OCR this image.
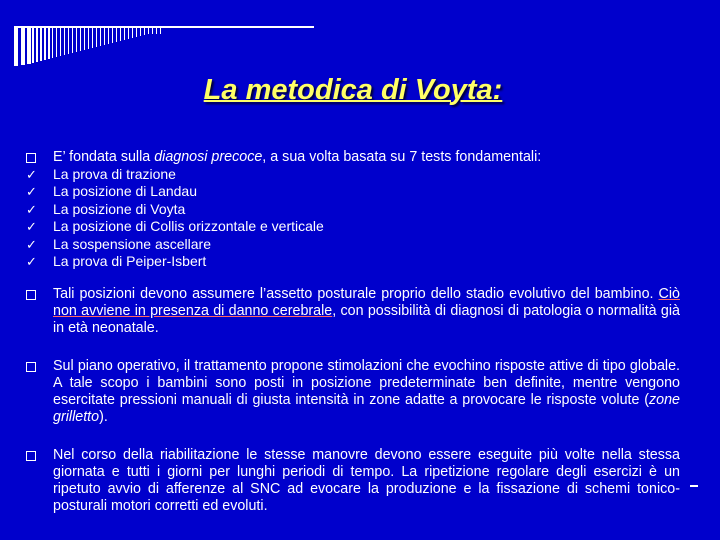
La metodica di Voyta:
E’ fondata sulla diagnosi precoce, a sua volta basata su 7 tests fondamentali:
✓	La prova di trazione
✓	La posizione di Landau
✓	La posizione di Voyta
✓	La posizione di Collis orizzontale e verticale
✓	La sospensione ascellare
✓	La prova di Peiper-Isbert
Tali posizioni devono assumere l’assetto posturale proprio dello stadio evolutivo del bambino. Ciò non avviene in presenza di danno cerebrale, con possibilità di diagnosi di patologia o normalità già in età neonatale.
Sul piano operativo, il trattamento propone stimolazioni che evochino risposte attive di tipo globale. A tale scopo i bambini sono posti in posizione predeterminate ben definite, mentre vengono esercitate pressioni manuali di giusta intensità in zone adatte a provocare le risposte volute (zone grilletto).
Nel corso della riabilitazione le stesse manovre devono essere eseguite più volte nella stessa giornata e tutti i giorni per lunghi periodi di tempo. La ripetizione regolare degli esercizi è un ripetuto avvio di afferenze al SNC ad evocare la produzione e la fissazione di schemi tonico-posturali motori corretti ed evoluti.
